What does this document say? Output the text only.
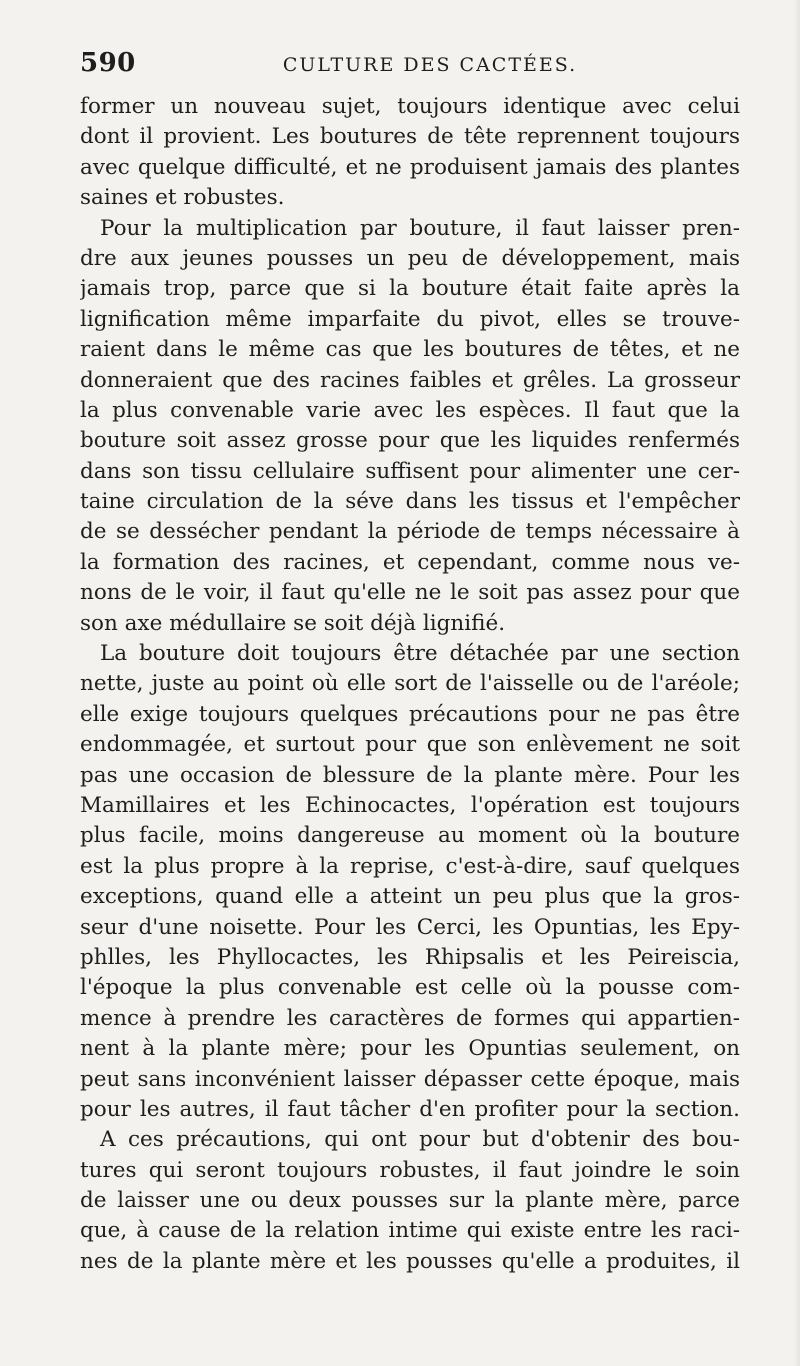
590	CULTURE DES CACTÉES.
former un nouveau sujet, toujours identique avec celui
dont il provient. Les boutures de tête reprennent toujours
avec quelque difficulté, et ne produisent jamais des plantes
saines et robustes.
Pour la multiplication par bouture, il faut laisser pren-
dre aux jeunes pousses un peu de développement, mais
jamais trop, parce que si la bouture était faite après la
lignification même imparfaite du pivot, elles se trouve-
raient dans le même cas que les boutures de têtes, et ne
donneraient que des racines faibles et grêles. La grosseur
la plus convenable varie avec les espèces. Il faut que la
bouture soit assez grosse pour que les liquides renfermés
dans son tissu cellulaire suffisent pour alimenter une cer-
taine circulation de la séve dans les tissus et l'empêcher
de se dessécher pendant la période de temps nécessaire à
la formation des racines, et cependant, comme nous ve-
nons de le voir, il faut qu'elle ne le soit pas assez pour que
son axe médullaire se soit déjà lignifié.
La bouture doit toujours être détachée par une section
nette, juste au point où elle sort de l'aisselle ou de l'aréole;
elle exige toujours quelques précautions pour ne pas être
endommagée, et surtout pour que son enlèvement ne soit
pas une occasion de blessure de la plante mère. Pour les
Mamillaires et les Echinocactes, l'opération est toujours
plus facile, moins dangereuse au moment où la bouture
est la plus propre à la reprise, c'est-à-dire, sauf quelques
exceptions, quand elle a atteint un peu plus que la gros-
seur d'une noisette. Pour les Cerci, les Opuntias, les Epy-
phlles, les Phyllocactes, les Rhipsalis et les Peireiscia,
l'époque la plus convenable est celle où la pousse com-
mence à prendre les caractères de formes qui appartien-
nent à la plante mère; pour les Opuntias seulement, on
peut sans inconvénient laisser dépasser cette époque, mais
pour les autres, il faut tâcher d'en profiter pour la section.
A ces précautions, qui ont pour but d'obtenir des bou-
tures qui seront toujours robustes, il faut joindre le soin
de laisser une ou deux pousses sur la plante mère, parce
que, à cause de la relation intime qui existe entre les raci-
nes de la plante mère et les pousses qu'elle a produites, il
